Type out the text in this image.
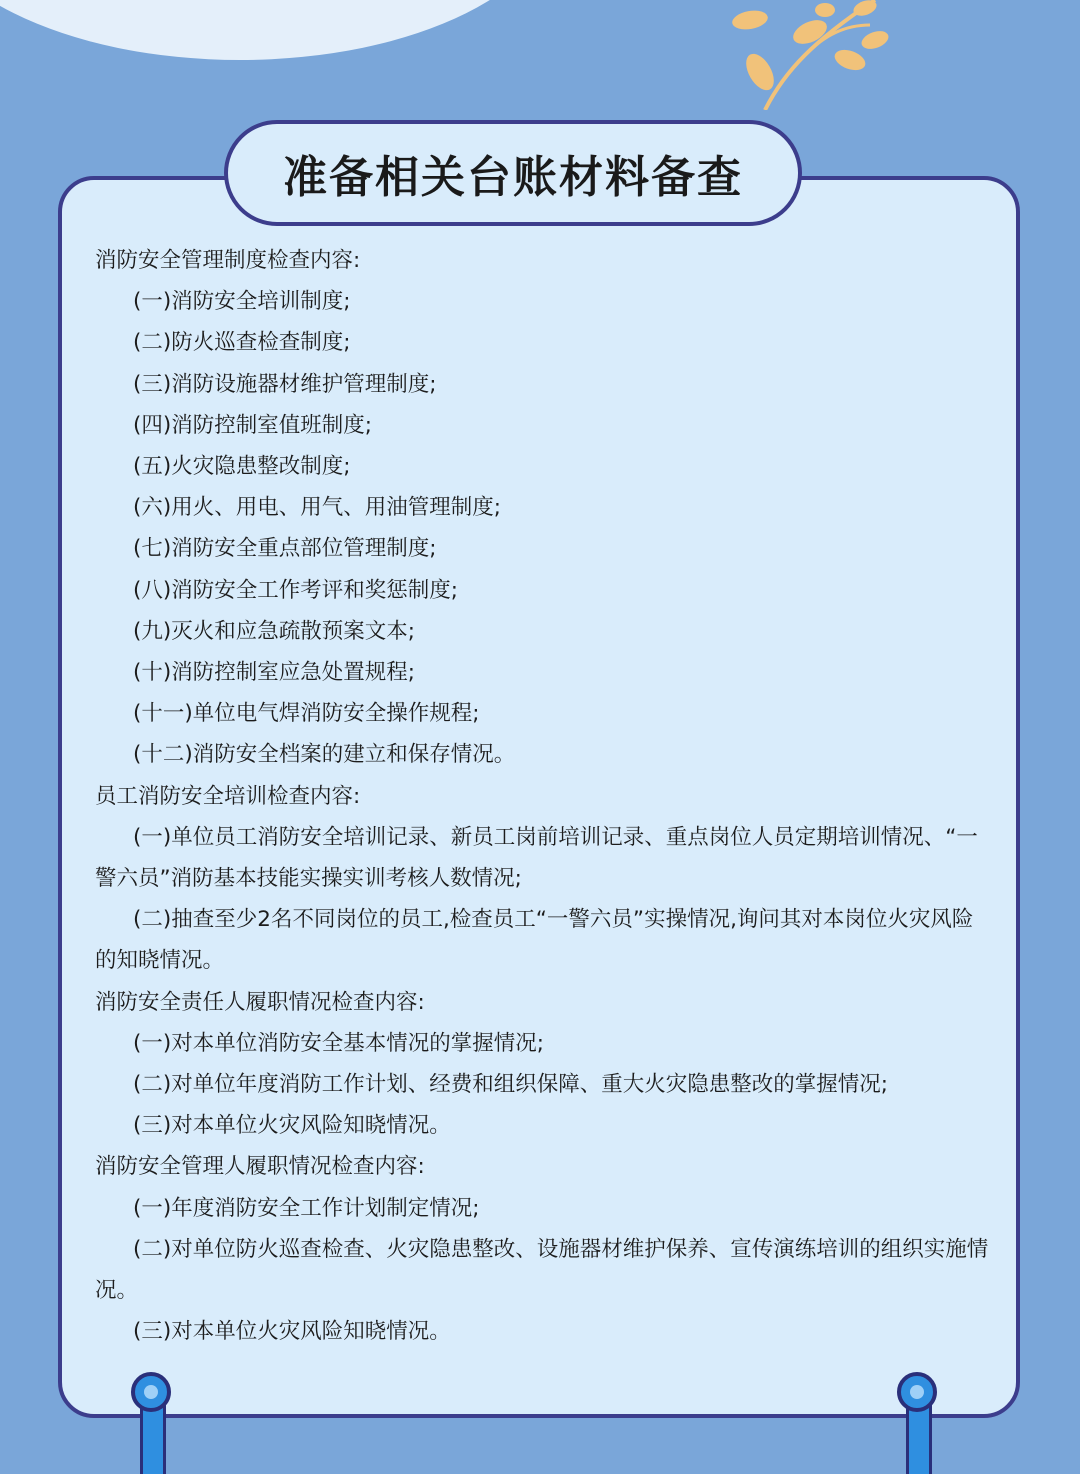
准备相关台账材料备查

消防安全管理制度检查内容:

(一)消防安全培训制度;

(二)防火巡查检查制度;

(三)消防设施器材维护管理制度;

(四)消防控制室值班制度;

(五)火灾隐患整改制度;

(六)用火、用电、用气、用油管理制度;

(七)消防安全重点部位管理制度;

(八)消防安全工作考评和奖惩制度;

(九)灭火和应急疏散预案文本;

(十)消防控制室应急处置规程;

(十一)单位电气焊消防安全操作规程;

(十二)消防安全档案的建立和保存情况。

员工消防安全培训检查内容:

(一)单位员工消防安全培训记录、新员工岗前培训记录、重点岗位人员定期培训情况、“一警六员”消防基本技能实操实训考核人数情况;

(二)抽查至少2名不同岗位的员工,检查员工“一警六员”实操情况,询问其对本岗位火灾风险的知晓情况。

消防安全责任人履职情况检查内容:

(一)对本单位消防安全基本情况的掌握情况;

(二)对单位年度消防工作计划、经费和组织保障、重大火灾隐患整改的掌握情况;

(三)对本单位火灾风险知晓情况。

消防安全管理人履职情况检查内容:

(一)年度消防安全工作计划制定情况;

(二)对单位防火巡查检查、火灾隐患整改、设施器材维护保养、宣传演练培训的组织实施情况。

(三)对本单位火灾风险知晓情况。
